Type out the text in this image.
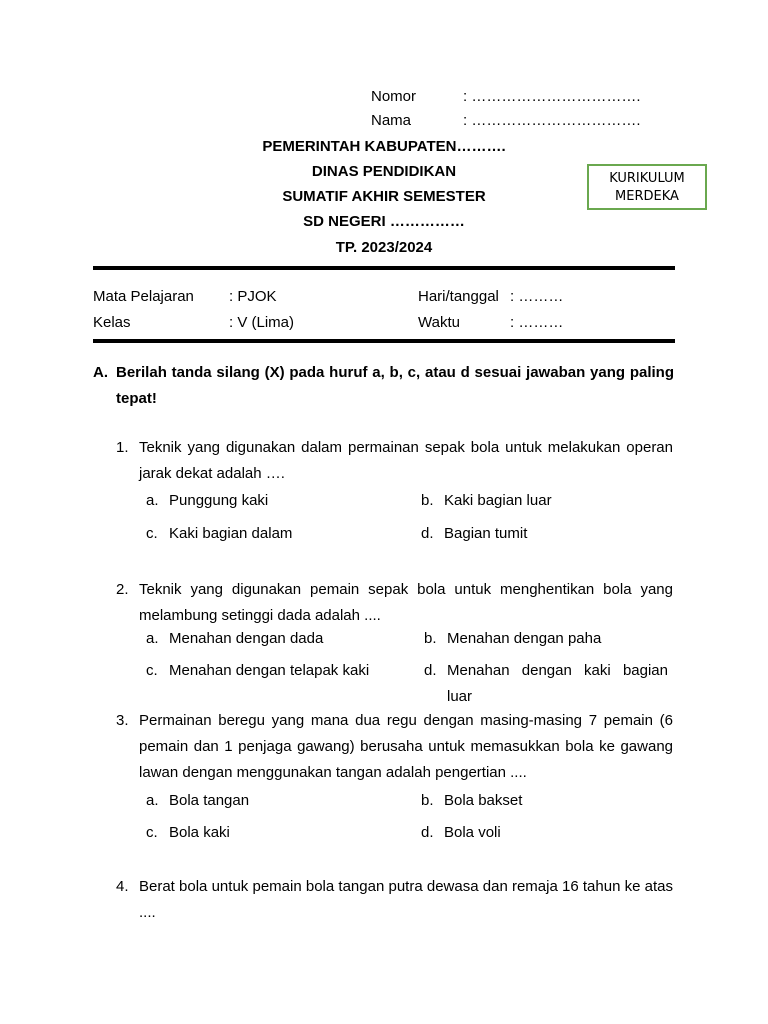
Nomor	: …………………………….
Nama	: …………………………….
PEMERINTAH KABUPATEN……….
DINAS PENDIDIKAN
SUMATIF AKHIR SEMESTER
SD NEGERI ……………
TP. 2023/2024
KURIKULUM
MERDEKA
Mata Pelajaran : PJOK	Hari/tanggal : ………
Kelas	: V (Lima)	Waktu	: ………
A. Berilah tanda silang (X) pada huruf a, b, c, atau d sesuai jawaban yang paling tepat!
1. Teknik yang digunakan dalam permainan sepak bola untuk melakukan operan jarak dekat adalah ….
a. Punggung kaki	b. Kaki bagian luar
c. Kaki bagian dalam	d. Bagian tumit
2. Teknik yang digunakan pemain sepak bola untuk menghentikan bola yang melambung setinggi dada adalah ....
a. Menahan dengan dada	b. Menahan dengan paha
c. Menahan dengan telapak kaki	d. Menahan dengan kaki bagian luar
3. Permainan beregu yang mana dua regu dengan masing-masing 7 pemain (6 pemain dan 1 penjaga gawang) berusaha untuk memasukkan bola ke gawang lawan dengan menggunakan tangan adalah pengertian ....
a. Bola tangan	b. Bola bakset
c. Bola kaki	d. Bola voli
4. Berat bola untuk pemain bola tangan putra dewasa dan remaja 16 tahun ke atas ....
